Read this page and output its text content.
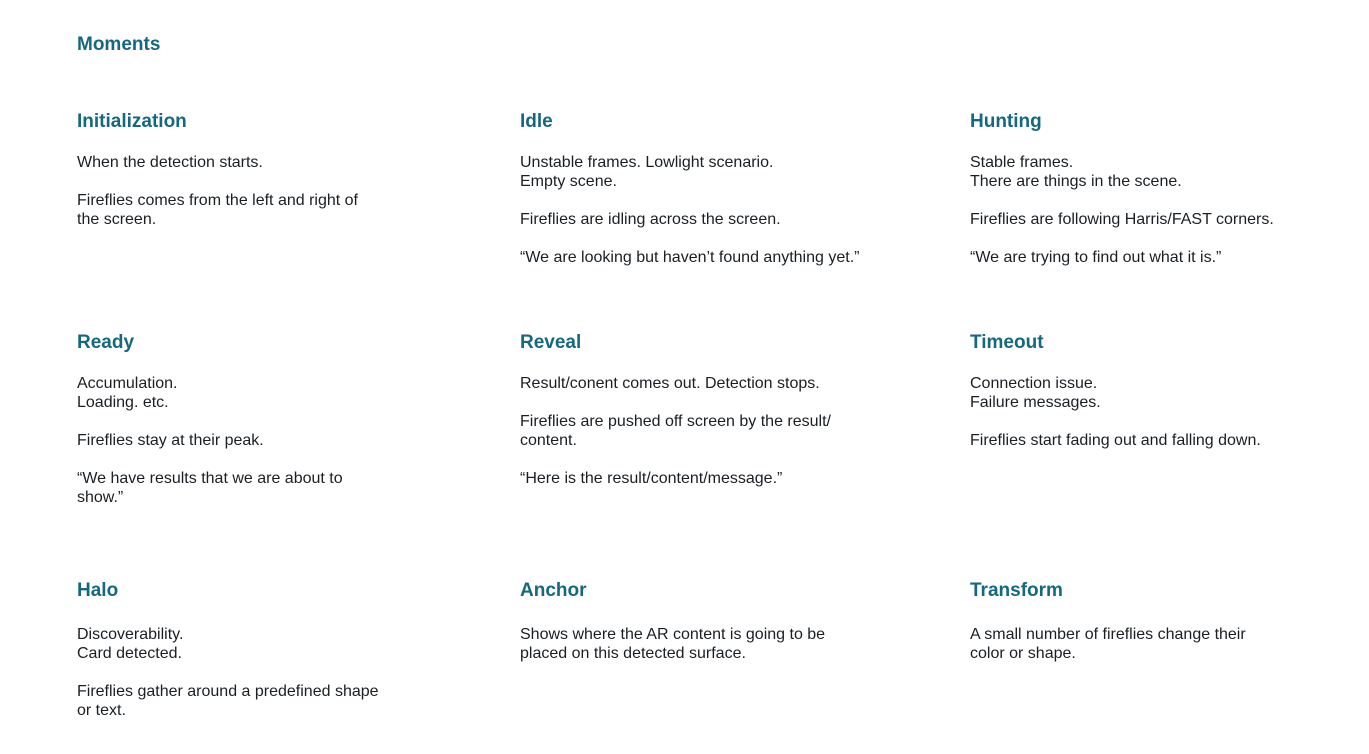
Moments
Initialization

When the detection starts.

Fireflies comes from the left and right of
the screen.

Idle

Unstable frames. Lowlight scenario.
Empty scene.

Fireflies are idling across the screen.

“We are looking but haven’t found anything yet.”

Hunting

Stable frames.
There are things in the scene.

Fireflies are following Harris/FAST corners.

“We are trying to find out what it is.”

Ready

Accumulation.
Loading. etc.

Fireflies stay at their peak.

“We have results that we are about to
show.”

Reveal

Result/conent comes out. Detection stops.

Fireflies are pushed off screen by the result/
content.

“Here is the result/content/message.”

Timeout

Connection issue.
Failure messages.

Fireflies start fading out and falling down.

Halo

Discoverability.
Card detected.

Fireflies gather around a predefined shape
or text.

Anchor

Shows where the AR content is going to be
placed on this detected surface.

Transform

A small number of fireflies change their
color or shape.
